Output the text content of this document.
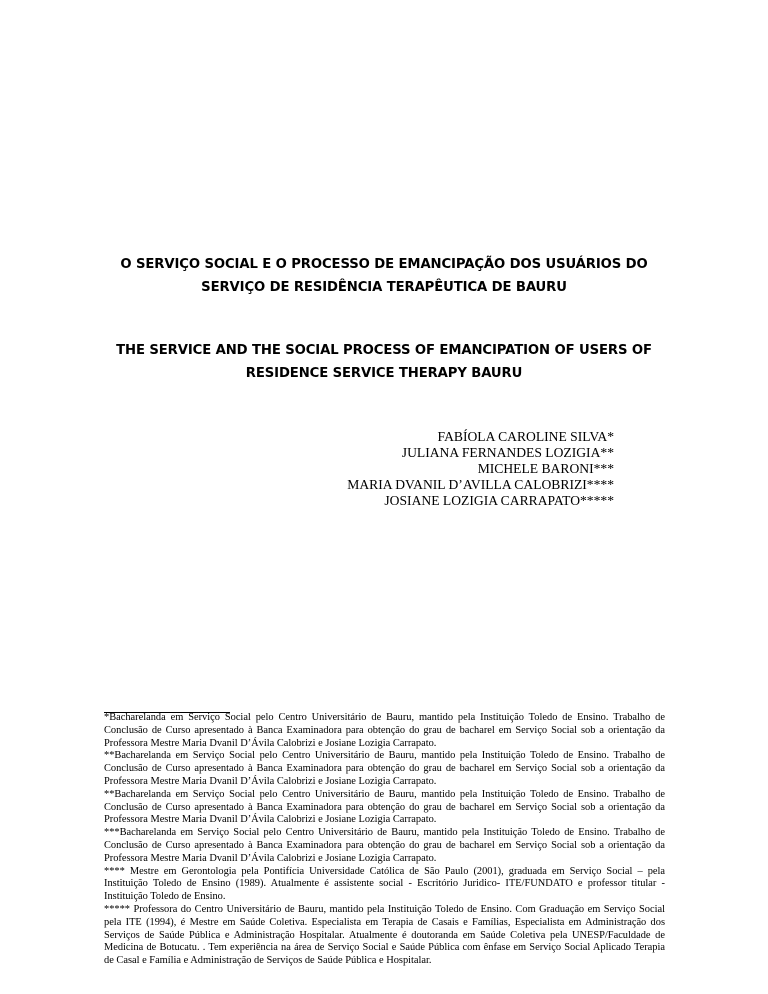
O SERVIÇO SOCIAL E O PROCESSO DE EMANCIPAÇÃO DOS USUÁRIOS DO
SERVIÇO DE RESIDÊNCIA TERAPÊUTICA DE BAURU
THE SERVICE AND THE SOCIAL PROCESS OF EMANCIPATION OF USERS OF
RESIDENCE SERVICE THERAPY BAURU
FABÍOLA CAROLINE SILVA*
JULIANA FERNANDES LOZIGIA**
MICHELE BARONI***
MARIA DVANIL D’AVILLA CALOBRIZI****
JOSIANE LOZIGIA CARRAPATO*****

*Bacharelanda em Serviço Social pelo Centro Universitário de Bauru, mantido pela Instituição Toledo de Ensino. Trabalho de Conclusão de Curso apresentado à Banca Examinadora para obtenção do grau de bacharel em Serviço Social sob a orientação da Professora Mestre Maria Dvanil D’Ávila Calobrizi e Josiane Lozigia Carrapato.

**Bacharelanda em Serviço Social pelo Centro Universitário de Bauru, mantido pela Instituição Toledo de Ensino. Trabalho de Conclusão de Curso apresentado à Banca Examinadora para obtenção do grau de bacharel em Serviço Social sob a orientação da Professora Mestre Maria Dvanil D’Ávila Calobrizi e Josiane Lozigia Carrapato.

**Bacharelanda em Serviço Social pelo Centro Universitário de Bauru, mantido pela Instituição Toledo de Ensino. Trabalho de Conclusão de Curso apresentado à Banca Examinadora para obtenção do grau de bacharel em Serviço Social sob a orientação da Professora Mestre Maria Dvanil D’Ávila Calobrizi e Josiane Lozigia Carrapato.

***Bacharelanda em Serviço Social pelo Centro Universitário de Bauru, mantido pela Instituição Toledo de Ensino. Trabalho de Conclusão de Curso apresentado à Banca Examinadora para obtenção do grau de bacharel em Serviço Social sob a orientação da Professora Mestre Maria Dvanil D’Ávila Calobrizi e Josiane Lozigia Carrapato.

**** Mestre em Gerontologia pela Pontifícia Universidade Católica de São Paulo (2001), graduada em Serviço Social – pela Instituição Toledo de Ensino (1989). Atualmente é assistente social - Escritório Juridico- ITE/FUNDATO e professor titular - Instituição Toledo de Ensino.

***** Professora do Centro Universitário de Bauru, mantido pela Instituição Toledo de Ensino. Com Graduação em Serviço Social pela ITE (1994), é Mestre em Saúde Coletiva. Especialista em Terapia de Casais e Famílias, Especialista em Administração dos Serviços de Saúde Pública e Administração Hospitalar. Atualmente é doutoranda em Saúde Coletiva pela UNESP/Faculdade de Medicina de Botucatu. . Tem experiência na área de Serviço Social e Saúde Pública com ênfase em Serviço Social Aplicado Terapia de Casal e Família e Administração de Serviços de Saúde Pública e Hospitalar.
